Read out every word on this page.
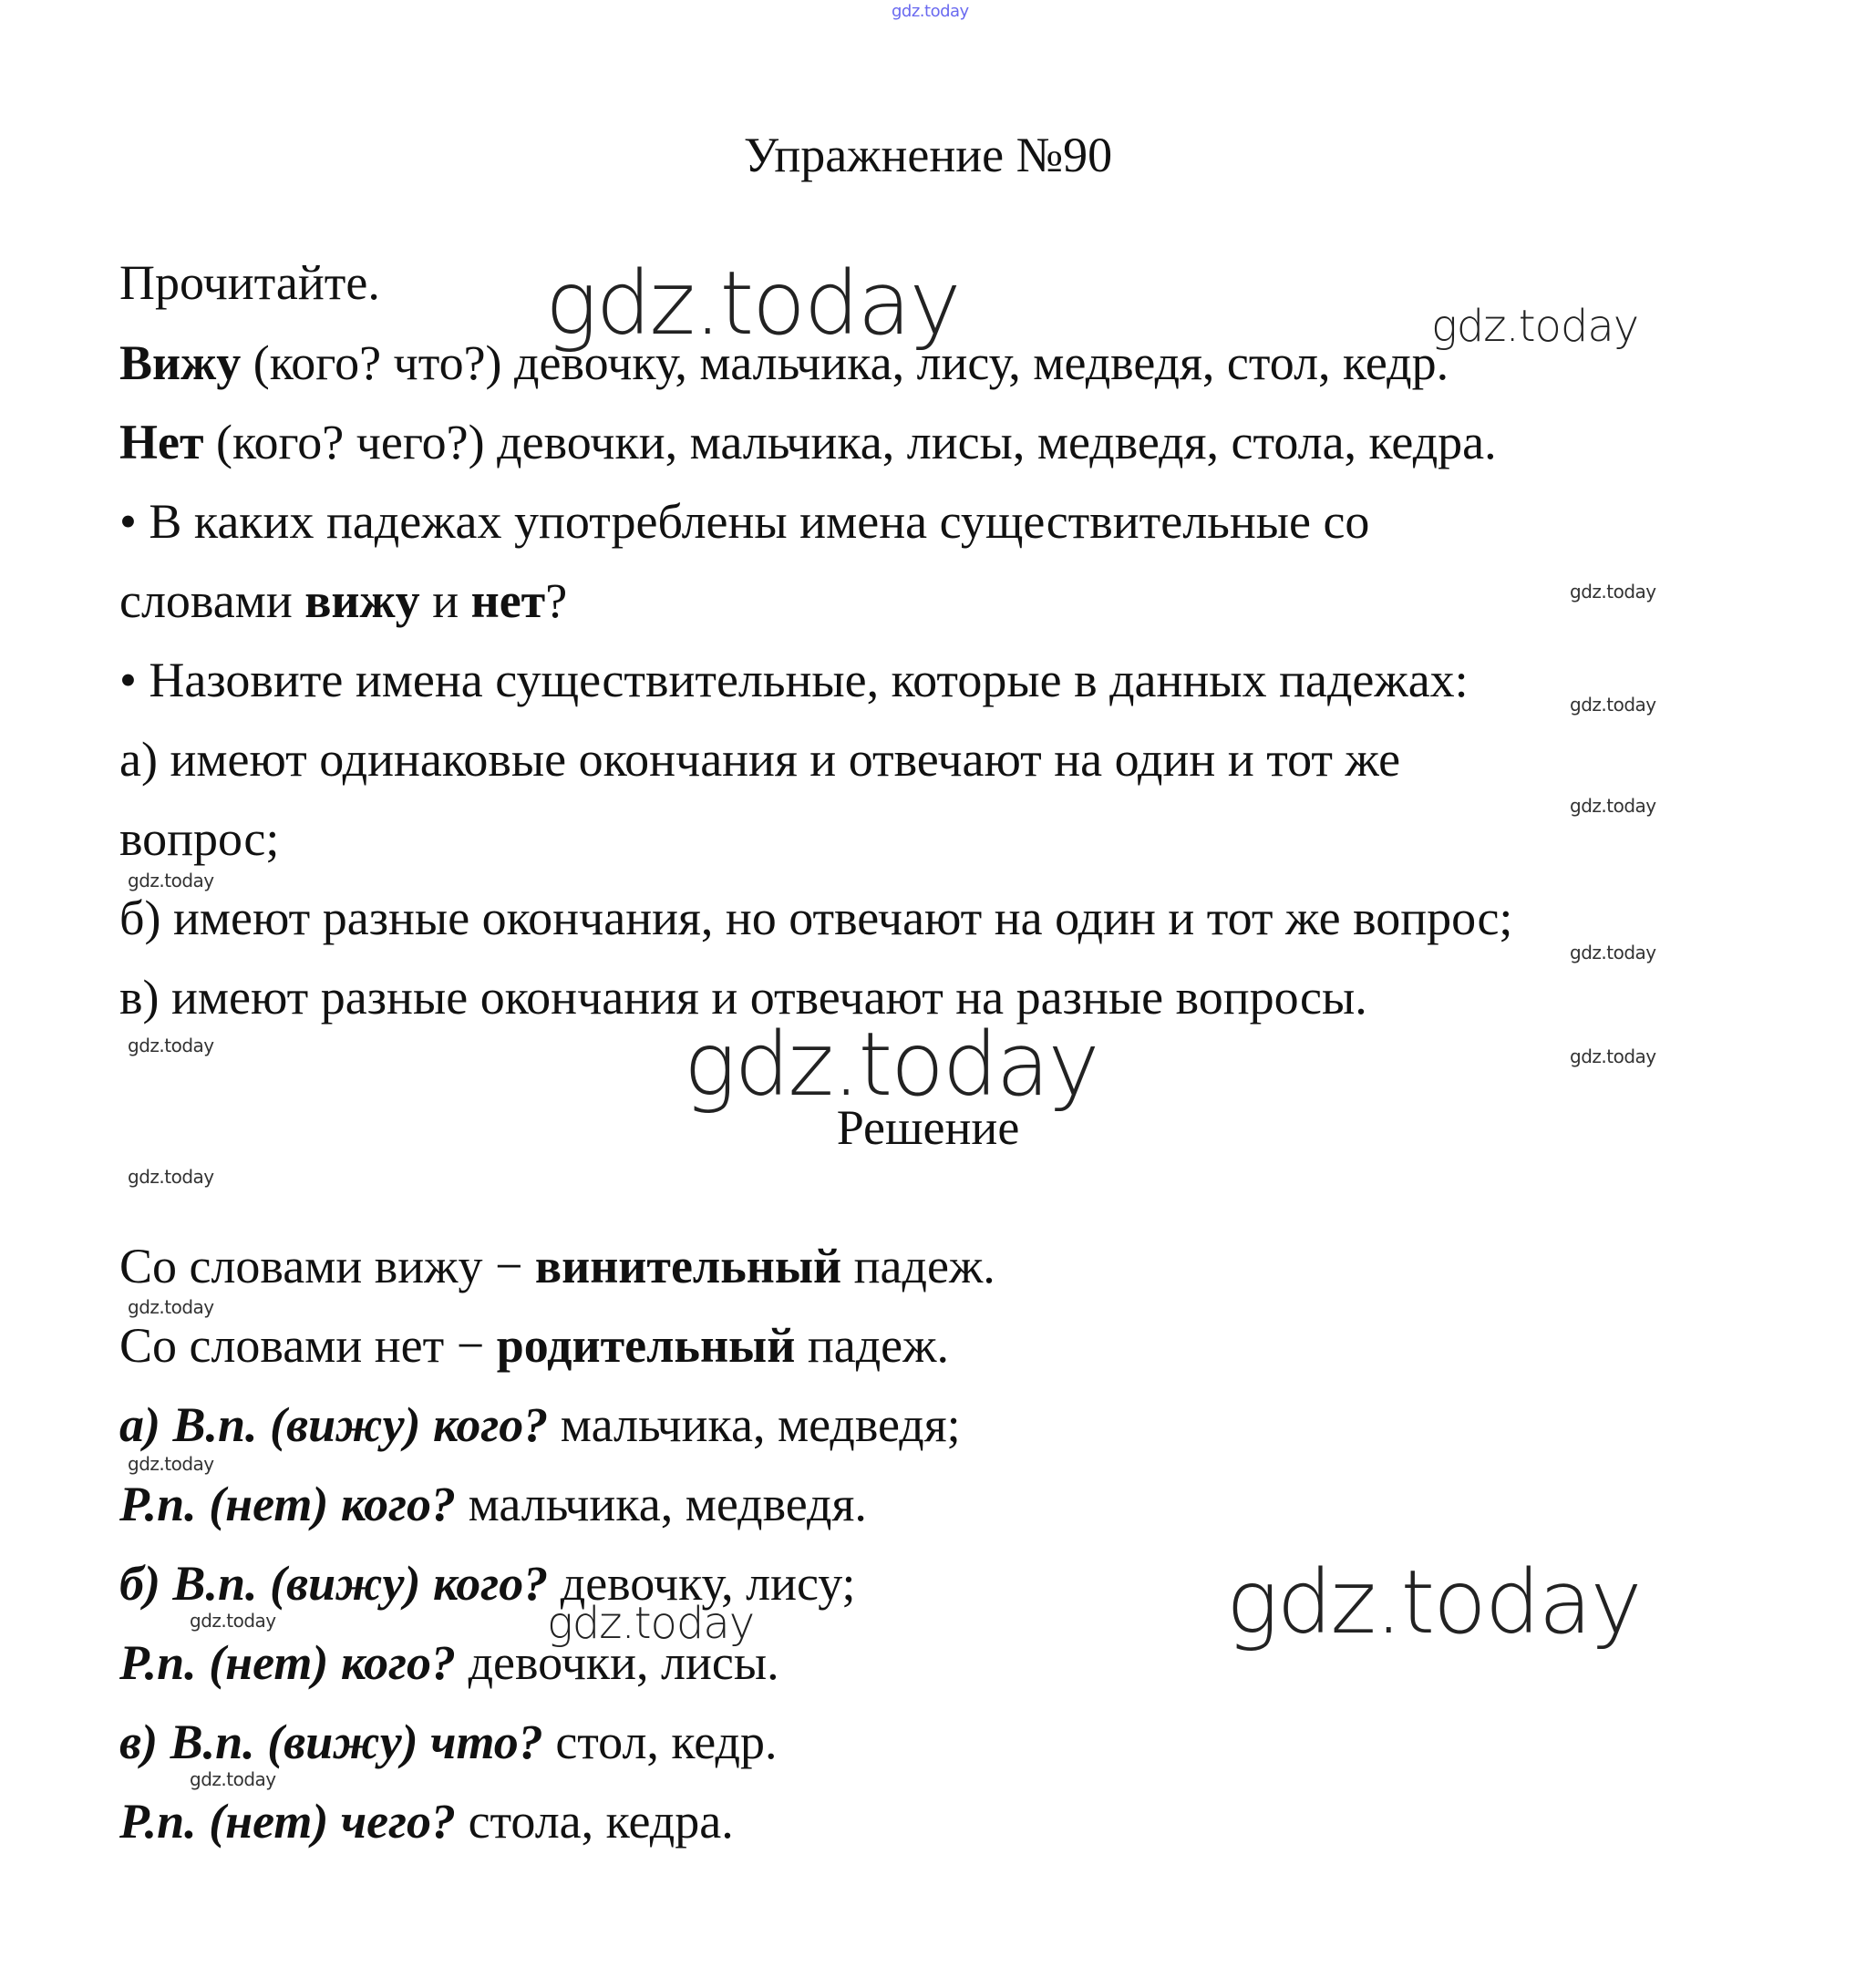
gdz.today
Упражнение №90
Прочитайте.
Вижу (кого? что?) девочку, мальчика, лису, медведя, стол, кедр.
Нет (кого? чего?) девочки, мальчика, лисы, медведя, стола, кедра.
• В каких падежах употреблены имена существительные со
словами вижу и нет?
• Назовите имена существительные, которые в данных падежах:
а) имеют одинаковые окончания и отвечают на один и тот же
вопрос;
б) имеют разные окончания, но отвечают на один и тот же вопрос;
в) имеют разные окончания и отвечают на разные вопросы.
Решение
Со словами вижу − винительный падеж.
Со словами нет − родительный падеж.
а) В.п. (вижу) кого? мальчика, медведя;
Р.п. (нет) кого? мальчика, медведя.
б) В.п. (вижу) кого? девочку, лису;
Р.п. (нет) кого? девочки, лисы.
в) В.п. (вижу) что? стол, кедр.
Р.п. (нет) чего? стола, кедра.
gdz.today	gdz.today
gdz.today
gdz.today
gdz.today
gdz.today
gdz.today
gdz.today	gdz.today
gdz.today
gdz.today
gdz.today
gdz.today
gdz.today	gdz.today	gdz.today
gdz.today
